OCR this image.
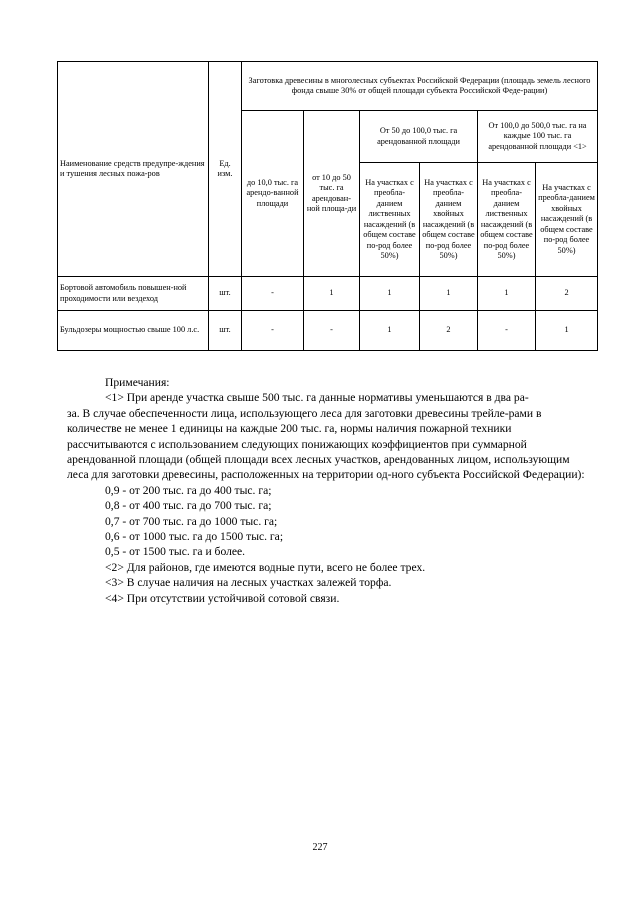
Наименование средств предупре-ждения и тушения лесных пожа-ров	Ед. изм.	Заготовка древесины в многолесных субъектах Российской Федерации (площадь земель лесного фонда свыше 30% от общей площади субъекта Российской Феде-рации)					
		до 10,0 тыс. га арендо-ванной площади	от 10 до 50 тыс. га арендован-ной площа-ди	От 50 до 100,0 тыс. га арендованной площади		От 100,0 до 500,0 тыс. га на каждые 100 тыс. га арендованной площади <1>	
				На участках с преобла-данием лиственных насаждений (в общем составе по-род более 50%)	На участках с преобла-данием хвойных насаждений (в общем составе по-род более 50%)	На участках с преобла-данием лиственных насаждений (в общем составе по-род более 50%)	На участках с преобла-данием хвойных насаждений (в общем составе по-род более 50%)
Бортовой автомобиль повышен-ной проходимости или вездеход	шт.	-	1	1	1	1	2
Бульдозеры мощностью свыше 100 л.с.	шт.	-	-	1	2	-	1

Примечания:

<1> При аренде участка свыше 500 тыс. га данные нормативы уменьшаются в два ра-

за. В случае обеспеченности лица, использующего леса для заготовки древесины трейле-рами в количестве не менее 1 единицы на каждые 200 тыс. га, нормы наличия пожарной техники рассчитываются с использованием следующих понижающих коэффициентов при суммарной арендованной площади (общей площади всех лесных участков, арендованных лицом, использующим леса для заготовки древесины, расположенных на территории од-ного субъекта Российской Федерации):

0,9 - от 200 тыс. га до 400 тыс. га;

0,8 - от 400 тыс. га до 700 тыс. га;

0,7 - от 700 тыс. га до 1000 тыс. га;

0,6 - от 1000 тыс. га до 1500 тыс. га;

0,5 - от 1500 тыс. га и более.

<2> Для районов, где имеются водные пути, всего не более трех.

<3> В случае наличия на лесных участках залежей торфа.

<4> При отсутствии устойчивой сотовой связи.

227
